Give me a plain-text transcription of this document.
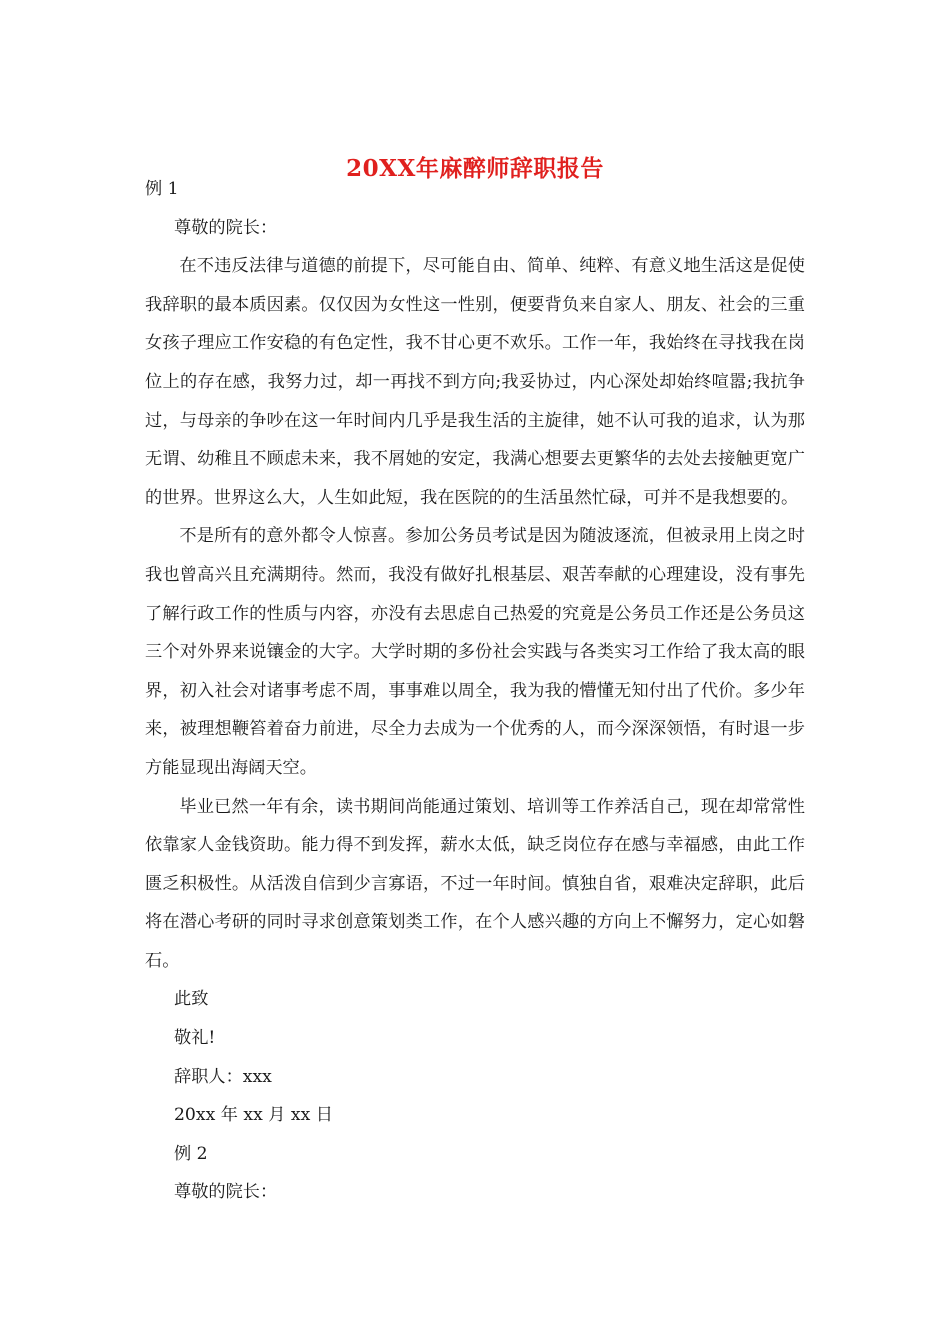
20XX年麻醉师辞职报告

例 1

尊敬的院长：

在不违反法律与道德的前提下，尽可能自由、简单、纯粹、有意义地生活这是促使我辞职的最本质因素。仅仅因为女性这一性别，便要背负来自家人、朋友、社会的三重女孩子理应工作安稳的有色定性，我不甘心更不欢乐。工作一年，我始终在寻找我在岗位上的存在感，我努力过，却一再找不到方向;我妥协过，内心深处却始终喧嚣;我抗争过，与母亲的争吵在这一年时间内几乎是我生活的主旋律，她不认可我的追求，认为那无谓、幼稚且不顾虑未来，我不屑她的安定，我满心想要去更繁华的去处去接触更宽广的世界。世界这么大，人生如此短，我在医院的的生活虽然忙碌，可并不是我想要的。

不是所有的意外都令人惊喜。参加公务员考试是因为随波逐流，但被录用上岗之时我也曾高兴且充满期待。然而，我没有做好扎根基层、艰苦奉献的心理建设，没有事先了解行政工作的性质与内容，亦没有去思虑自己热爱的究竟是公务员工作还是公务员这三个对外界来说镶金的大字。大学时期的多份社会实践与各类实习工作给了我太高的眼界，初入社会对诸事考虑不周，事事难以周全，我为我的懵懂无知付出了代价。多少年来，被理想鞭笞着奋力前进，尽全力去成为一个优秀的人，而今深深领悟，有时退一步方能显现出海阔天空。

毕业已然一年有余，读书期间尚能通过策划、培训等工作养活自己，现在却常常性依靠家人金钱资助。能力得不到发挥，薪水太低，缺乏岗位存在感与幸福感，由此工作匮乏积极性。从活泼自信到少言寡语，不过一年时间。慎独自省，艰难决定辞职，此后将在潜心考研的同时寻求创意策划类工作，在个人感兴趣的方向上不懈努力，定心如磐石。

此致

敬礼!

辞职人：xxx

20xx 年 xx 月 xx 日

例 2

尊敬的院长：
